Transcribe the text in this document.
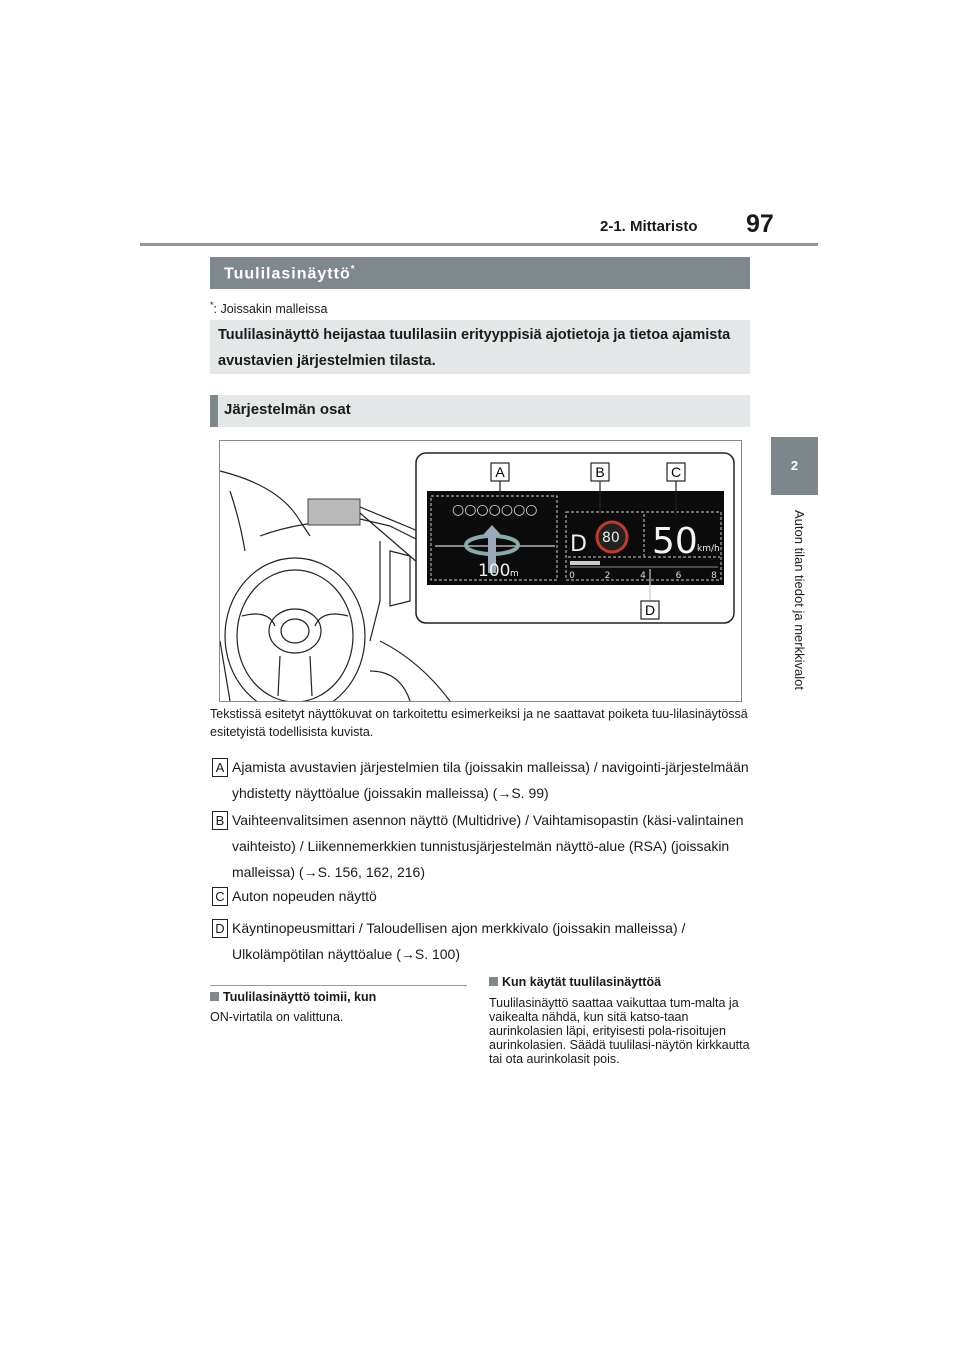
2-1. Mittaristo 97
2
Auton tilan tiedot ja merkkivalot
Tuulilasinäyttö*
*: Joissakin malleissa
Tuulilasinäyttö heijastaa tuulilasiin erityyppisiä ajotietoja ja tietoa ajamista avustavien järjestelmien tilasta.
Järjestelmän osat
○○○○○○○
100 m
D 80 50 km/h
0	2	4	6	8
A	B	C
D
Tekstissä esitetyt näyttökuvat on tarkoitettu esimerkeiksi ja ne saattavat poiketa tuu-lilasinäytössä esitetyistä todellisista kuvista.
A Ajamista avustavien järjestelmien tila (joissakin malleissa) / navigointi-järjestelmään yhdistetty näyttöalue (joissakin malleissa) (→S. 99)
B Vaihteenvalitsimen asennon näyttö (Multidrive) / Vaihtamisopastin (käsi-valintainen vaihteisto) / Liikennemerkkien tunnistusjärjestelmän näyttö-alue (RSA) (joissakin malleissa) (→S. 156, 162, 216)
C Auton nopeuden näyttö
D Käyntinopeusmittari / Taloudellisen ajon merkkivalo (joissakin malleissa) / Ulkolämpötilan näyttöalue (→S. 100)
Tuulilasinäyttö toimii, kun
ON-virtatila on valittuna.
Kun käytät tuulilasinäyttöä
Tuulilasinäyttö saattaa vaikuttaa tum-malta ja vaikealta nähdä, kun sitä katso-taan aurinkolasien läpi, erityisesti pola-risoitujen aurinkolasien. Säädä tuulilasi-näytön kirkkautta tai ota aurinkolasit pois.
